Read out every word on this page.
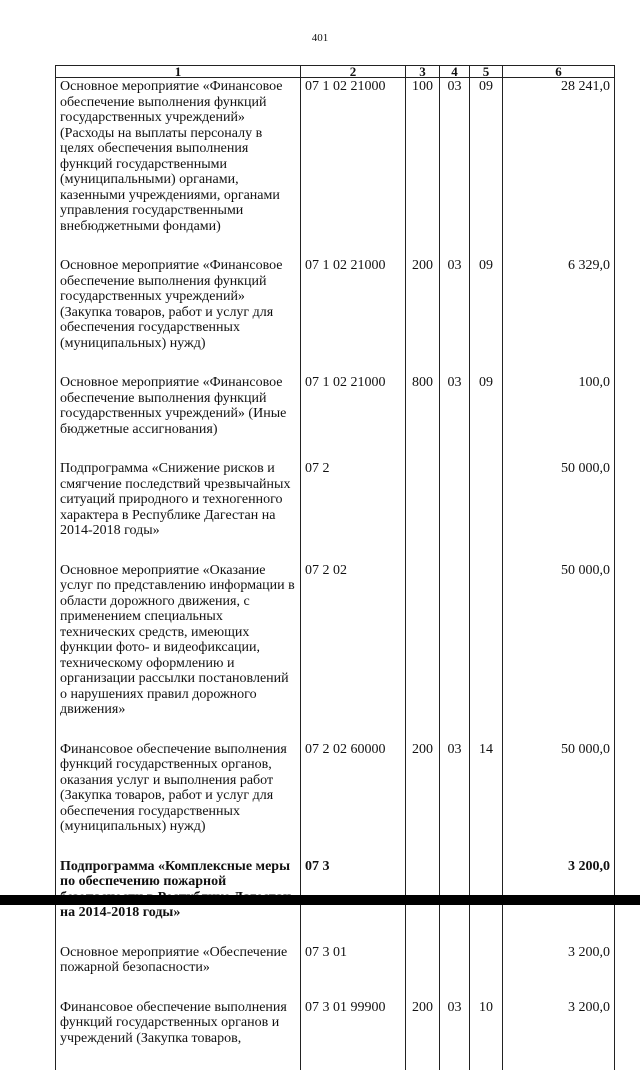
401
1	2	3	4	5	6
Основное мероприятие «Финансовое обеспечение выполнения функций государственных учреждений» (Расходы на выплаты персоналу в целях обеспечения выполнения функций государственными (муниципальными) органами, казенными учреждениями, органами управления государственными внебюджетными фондами)	07 1 02 21000	100	03	09	28 241,0
Основное мероприятие «Финансовое обеспечение выполнения функций государственных учреждений» (Закупка товаров, работ и услуг для обеспечения государственных (муниципальных) нужд)	07 1 02 21000	200	03	09	6 329,0
Основное мероприятие «Финансовое обеспечение выполнения функций государственных учреждений» (Иные бюджетные ассигнования)	07 1 02 21000	800	03	09	100,0
Подпрограмма «Снижение рисков и смягчение последствий чрезвычайных ситуаций природного и техногенного характера в Республике Дагестан на 2014-2018 годы»	07 2				50 000,0
Основное мероприятие «Оказание услуг по представлению информации в области дорожного движения, с применением специальных технических средств, имеющих функции фото- и видеофиксации, техническому оформлению и организации рассылки постановлений о нарушениях правил дорожного движения»	07 2 02				50 000,0
Финансовое обеспечение выполнения функций государственных органов, оказания услуг и выполнения работ (Закупка товаров, работ и услуг для обеспечения государственных (муниципальных) нужд)	07 2 02 60000	200	03	14	50 000,0
Подпрограмма «Комплексные меры по обеспечению пожарной на 2014-2018 годы»	07 3				3 200,0
Основное мероприятие «Обеспечение пожарной безопасности»	07 3 01				3 200,0
Финансовое обеспечение выполнения функций государственных органов и учреждений (Закупка товаров,	07 3 01 99900	200	03	10	3 200,0
